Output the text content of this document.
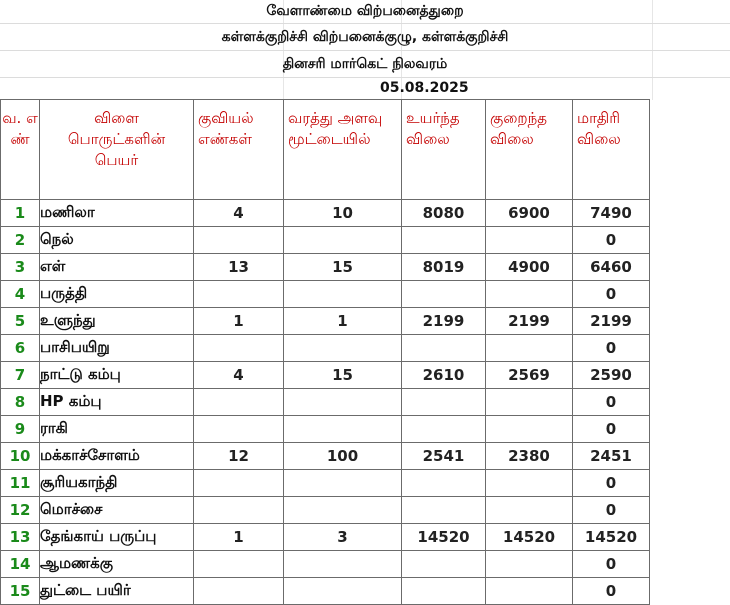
வேளாண்மை விற்பனைத்துறை
கள்ளக்குறிச்சி விற்பனைக்குழு, கள்ளக்குறிச்சி
தினசரி மார்கெட் நிலவரம்
05.08.2025
வ. எ ண்	விளை பொருட்களின் பெயர்	குவியல் எண்கள்	வரத்து அளவு மூட்டையில்	உயர்ந்த விலை	குறைந்த விலை	மாதிரி விலை	
1	மணிலா	4	10	8080	6900	7490	
2	நெல்					0	
3	எள்	13	15	8019	4900	6460	
4	பருத்தி					0	
5	உளுந்து	1	1	2199	2199	2199	
6	பாசிபயிறு					0	
7	நாட்டு கம்பு	4	15	2610	2569	2590	
8	HP கம்பு					0	
9	ராகி					0	
10	மக்காச்சோளம்	12	100	2541	2380	2451	
11	சூரியகாந்தி					0	
12	மொச்சை					0	
13	தேங்காய் பருப்பு	1	3	14520	14520	14520	
14	ஆமணக்கு					0	
15	துட்டை பயிர்					0	
